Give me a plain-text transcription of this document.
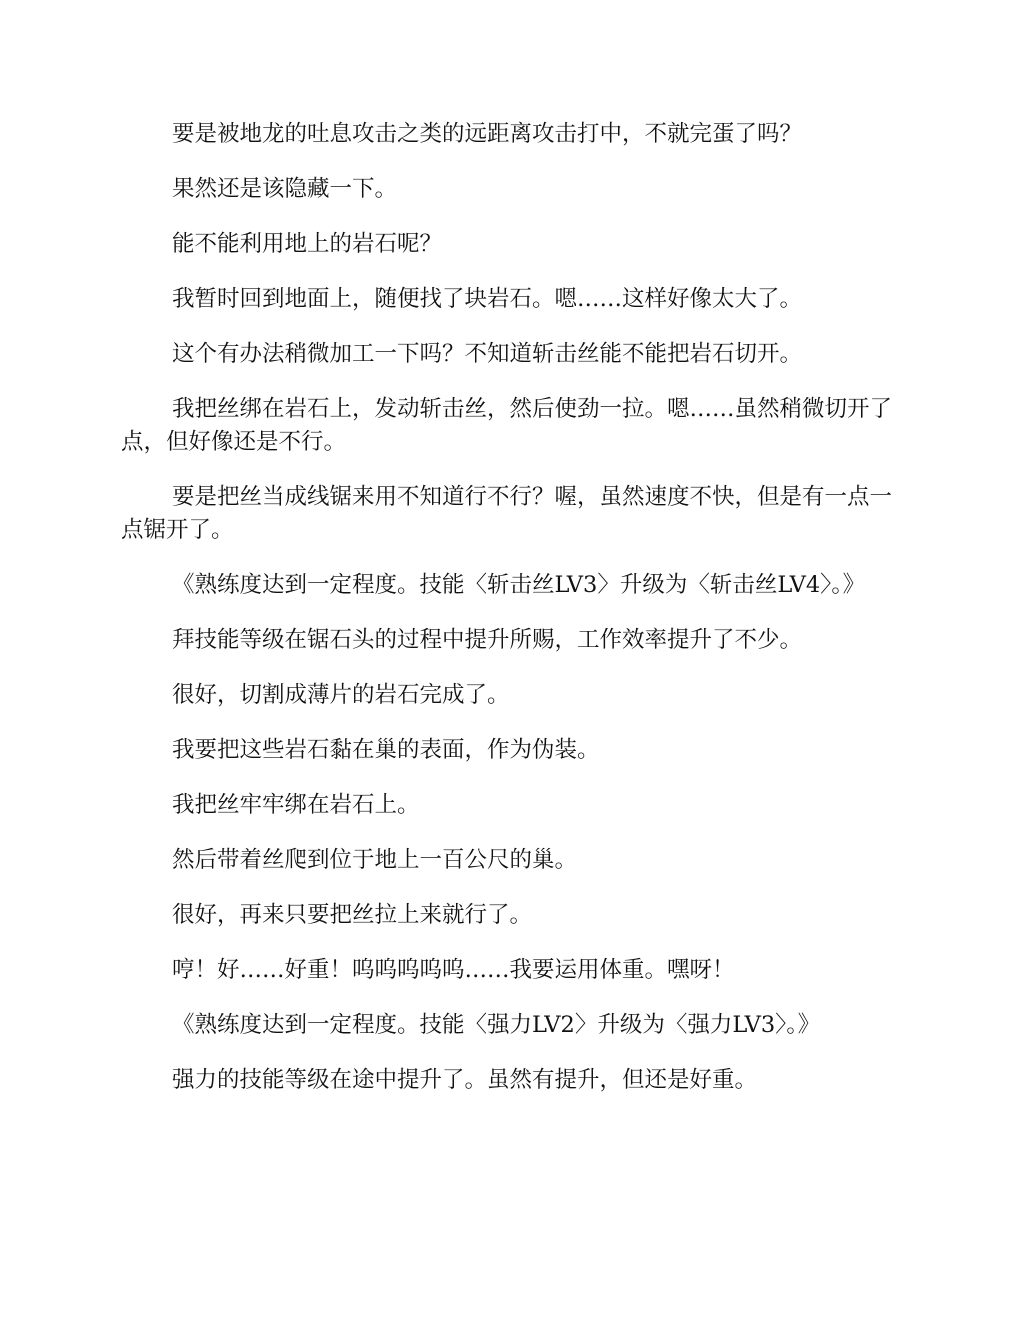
要是被地龙的吐息攻击之类的远距离攻击打中，不就完蛋了吗？

果然还是该隐藏一下。

能不能利用地上的岩石呢？

我暂时回到地面上，随便找了块岩石。嗯……这样好像太大了。

这个有办法稍微加工一下吗？不知道斩击丝能不能把岩石切开。

我把丝绑在岩石上，发动斩击丝，然后使劲一拉。嗯……虽然稍微切开了点，但好像还是不行。

要是把丝当成线锯来用不知道行不行？喔，虽然速度不快，但是有一点一点锯开了。

《熟练度达到一定程度。技能〈斩击丝LV3〉升级为〈斩击丝LV4〉。》

拜技能等级在锯石头的过程中提升所赐，工作效率提升了不少。

很好，切割成薄片的岩石完成了。

我要把这些岩石黏在巢的表面，作为伪装。

我把丝牢牢绑在岩石上。

然后带着丝爬到位于地上一百公尺的巢。

很好，再来只要把丝拉上来就行了。

哼！好……好重！呜呜呜呜呜……我要运用体重。嘿呀！

《熟练度达到一定程度。技能〈强力LV2〉升级为〈强力LV3〉。》

强力的技能等级在途中提升了。虽然有提升，但还是好重。
